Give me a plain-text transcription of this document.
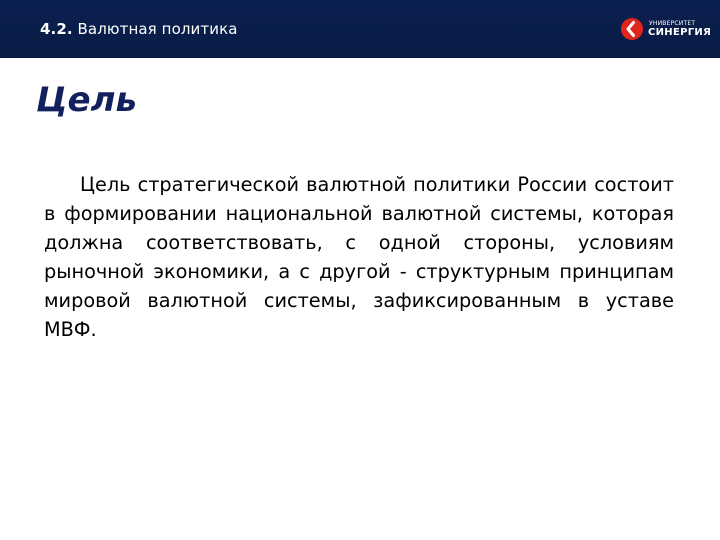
4.2. Валютная политика	УНИВЕРСИТЕТ
СИНЕРГИЯ
Цель
Цель стратегической валютной политики России состоит в формировании национальной валютной системы, которая должна соответствовать, с одной стороны, условиям рыночной экономики, а с другой - структурным принципам мировой валютной системы, зафиксированным в уставе МВФ.
